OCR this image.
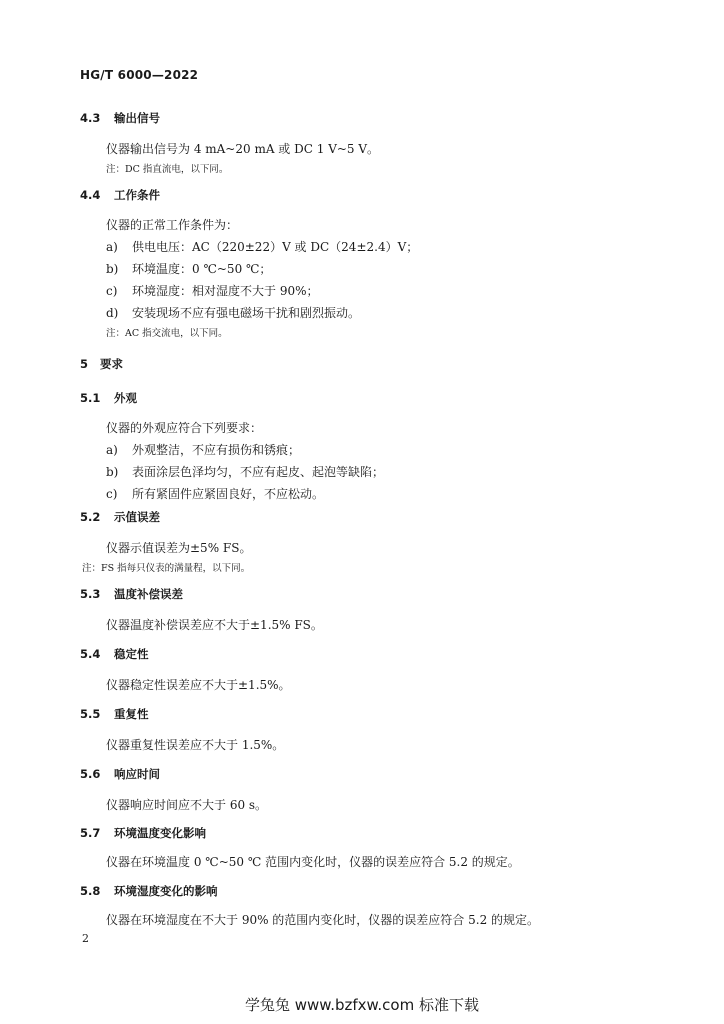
HG/T 6000—2022
4.3 输出信号
仪器输出信号为 4 mA~20 mA 或 DC 1 V~5 V。
注：DC 指直流电，以下同。
4.4 工作条件
仪器的正常工作条件为：
a) 供电电压：AC（220±22）V 或 DC（24±2.4）V；
b) 环境温度：0 ℃~50 ℃；
c) 环境湿度：相对湿度不大于 90%；
d) 安装现场不应有强电磁场干扰和剧烈振动。
注：AC 指交流电，以下同。
5 要求
5.1 外观
仪器的外观应符合下列要求：
a) 外观整洁，不应有损伤和锈痕；
b) 表面涂层色泽均匀，不应有起皮、起泡等缺陷；
c) 所有紧固件应紧固良好，不应松动。
5.2 示值误差
仪器示值误差为±5% FS。
注：FS 指每只仪表的满量程，以下同。
5.3 温度补偿误差
仪器温度补偿误差应不大于±1.5% FS。
5.4 稳定性
仪器稳定性误差应不大于±1.5%。
5.5 重复性
仪器重复性误差应不大于 1.5%。
5.6 响应时间
仪器响应时间应不大于 60 s。
5.7 环境温度变化影响
仪器在环境温度 0 ℃~50 ℃ 范围内变化时，仪器的误差应符合 5.2 的规定。
5.8 环境湿度变化的影响
仪器在环境湿度在不大于 90% 的范围内变化时，仪器的误差应符合 5.2 的规定。
2
学兔兔 www.bzfxw.com 标准下载
